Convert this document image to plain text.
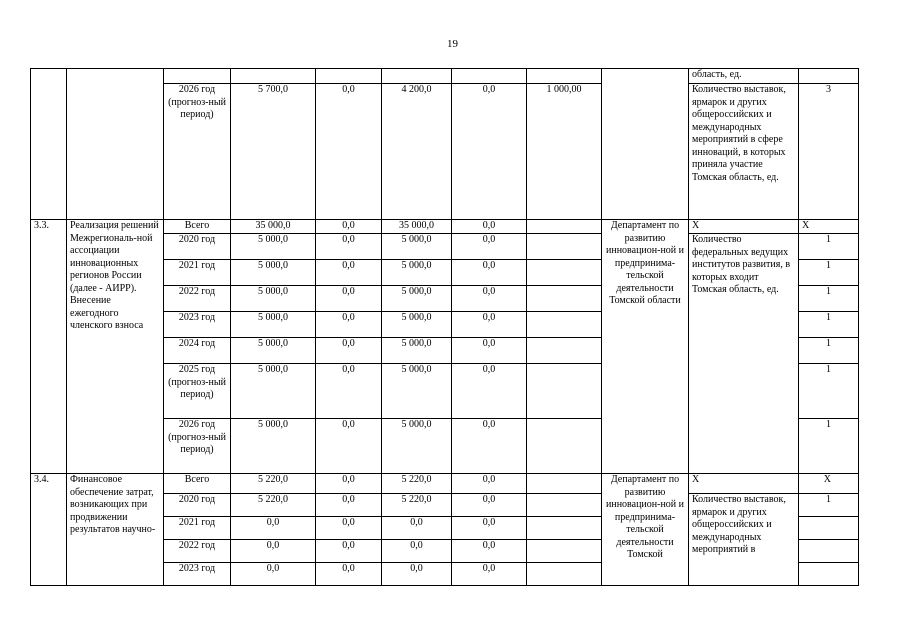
19
									область, ед.	
		2026 год (прогноз-ный период)	5 700,0	0,0	4 200,0	0,0	1 000,00		Количество выставок, ярмарок и других общероссийских и международных мероприятий в сфере инноваций, в которых приняла участие Томская область, ед.	3
3.3.	Реализация решений Межрегиональ-ной ассоциации инновационных регионов России (далее - АИРР). Внесение ежегодного членского взноса	Всего	35 000,0	0,0	35 000,0	0,0		Департамент по развитию инновацион-ной и предпринима-тельской деятельности Томской области	Х	Х
		2020 год	5 000,0	0,0	5 000,0	0,0			Количество федеральных ведущих институтов развития, в которых входит Томская область, ед.	1
		2021 год	5 000,0	0,0	5 000,0	0,0				1
		2022 год	5 000,0	0,0	5 000,0	0,0				1
		2023 год	5 000,0	0,0	5 000,0	0,0				1
		2024 год	5 000,0	0,0	5 000,0	0,0				1
		2025 год (прогноз-ный период)	5 000,0	0,0	5 000,0	0,0				1
		2026 год (прогноз-ный период)	5 000,0	0,0	5 000,0	0,0				1
3.4.	Финансовое обеспечение затрат, возникающих при продвижении результатов научно-	Всего	5 220,0	0,0	5 220,0	0,0		Департамент по развитию инновацион-ной и предпринима-тельской деятельности Томской	Х	Х
		2020 год	5 220,0	0,0	5 220,0	0,0			Количество выставок, ярмарок и других общероссийских и международных мероприятий в	1
		2021 год	0,0	0,0	0,0	0,0				
		2022 год	0,0	0,0	0,0	0,0				
		2023 год	0,0	0,0	0,0	0,0				
